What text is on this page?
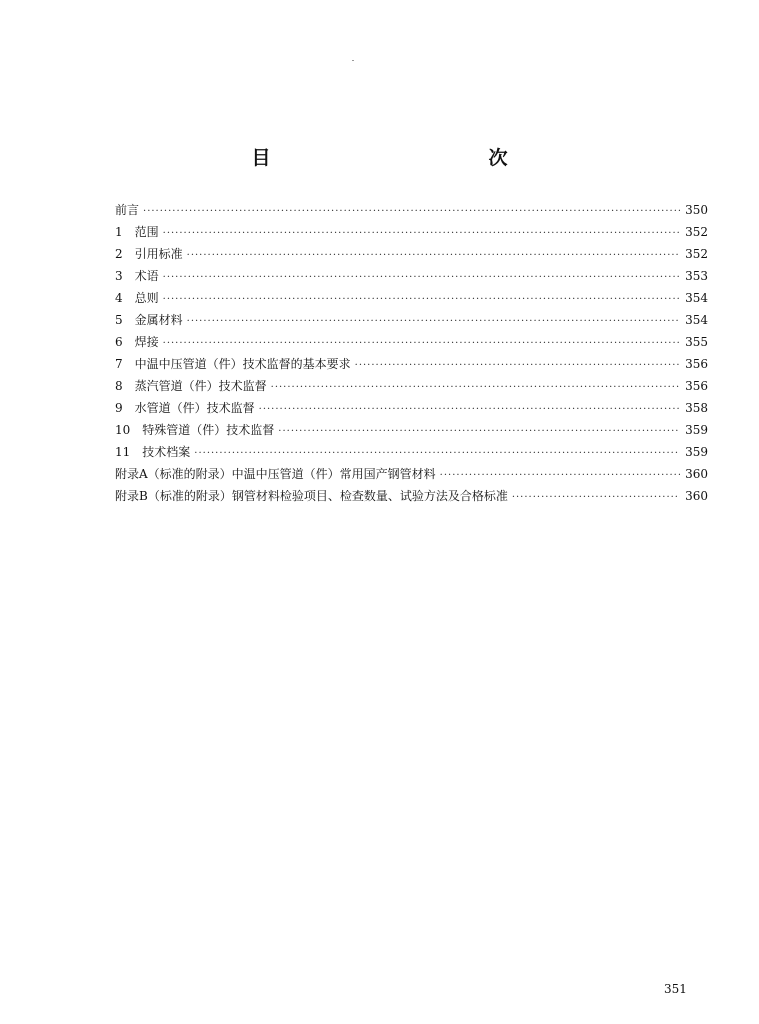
目　　次
前言 ·····	350
1　范围 ·····	352
2　引用标准 ·····	352
3　术语 ·····	353
4　总则 ·····	354
5　金属材料 ·····	354
6　焊接 ·····	355
7　中温中压管道（件）技术监督的基本要求 ·····	356
8　蒸汽管道（件）技术监督 ·····	356
9　水管道（件）技术监督 ·····	358
10　特殊管道（件）技术监督 ·····	359
11　技术档案 ·····	359
附录A（标准的附录）中温中压管道（件）常用国产钢管材料 ·····	360
附录B（标准的附录）钢管材料检验项目、检查数量、试验方法及合格标准 ·····	360
351
